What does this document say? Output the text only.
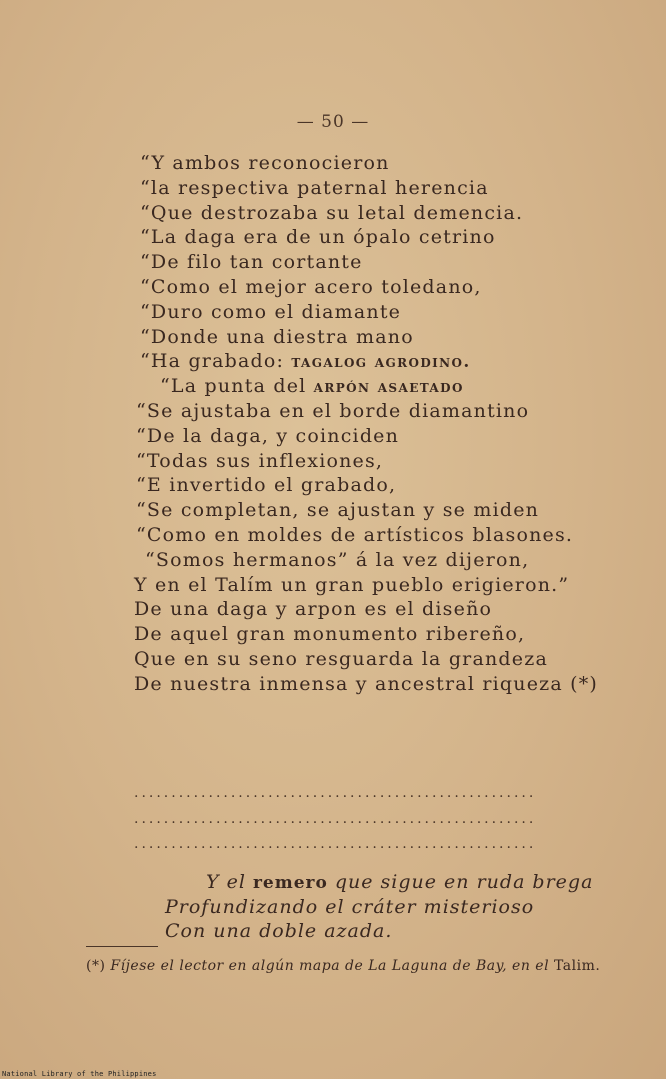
— 50 —
“Y ambos reconocieron
“la respectiva paternal herencia
“Que destrozaba su letal demencia.
“La daga era de un ópalo cetrino
“De filo tan cortante
“Como el mejor acero toledano,
“Duro como el diamante
“Donde una diestra mano
“Ha grabado: tagalog agrodino.
“La punta del arpón asaetado
“Se ajustaba en el borde diamantino
“De la daga, y coinciden
“Todas sus inflexiones,
“E invertido el grabado,
“Se completan, se ajustan y se miden
“Como en moldes de artísticos blasones.
“Somos hermanos” á la vez dijeron,
Y en el Talím un gran pueblo erigieron.”
De una daga y arpon es el diseño
De aquel gran monumento ribereño,
Que en su seno resguarda la grandeza
De nuestra inmensa y ancestral riqueza (*)
......................................................
......................................................
......................................................
Y el remero que sigue en ruda brega
Profundizando el cráter misterioso
Con una doble azada.
(*) Fíjese el lector en algún mapa de La Laguna de Bay, en el Talim.
National Library of the Philippines
